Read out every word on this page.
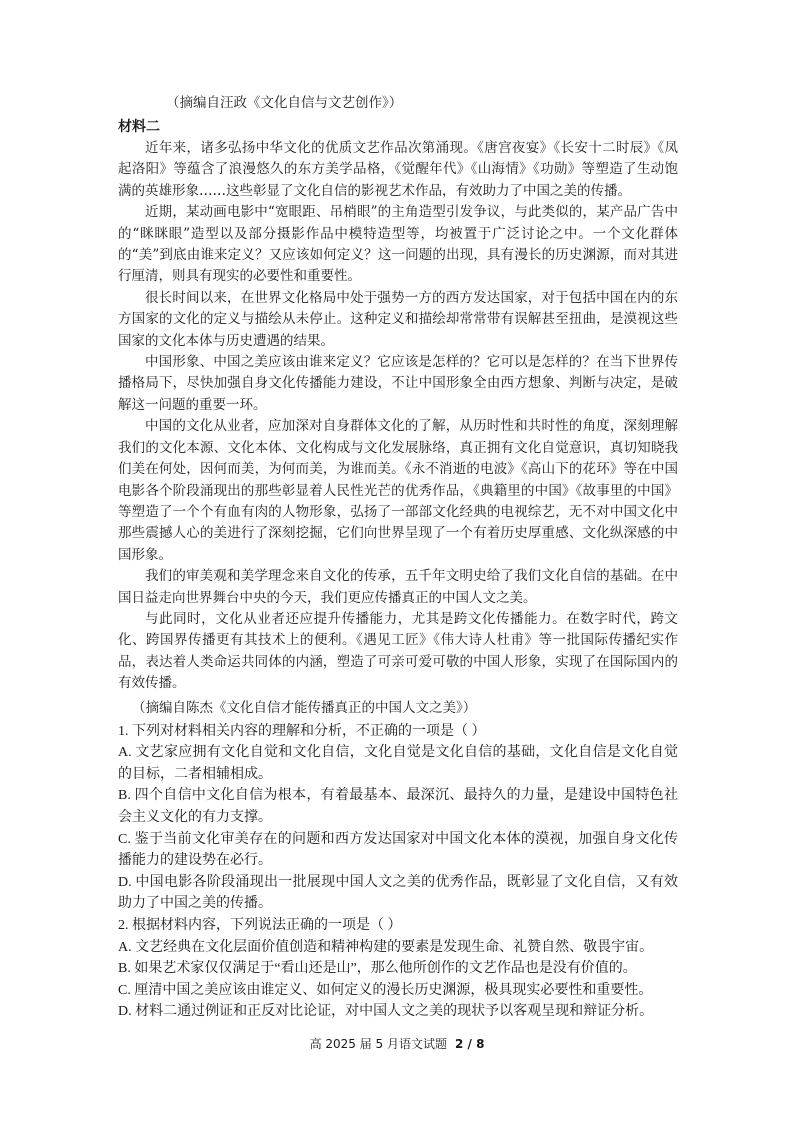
（摘编自汪政《文化自信与文艺创作》）

材料二

近年来，诸多弘扬中华文化的优质文艺作品次第涌现。《唐宫夜宴》《长安十二时辰》《凤起洛阳》等蕴含了浪漫悠久的东方美学品格，《觉醒年代》《山海情》《功勋》等塑造了生动饱满的英雄形象……这些彰显了文化自信的影视艺术作品，有效助力了中国之美的传播。

近期，某动画电影中“宽眼距、吊梢眼”的主角造型引发争议，与此类似的，某产品广告中的“眯眯眼”造型以及部分摄影作品中模特造型等，均被置于广泛讨论之中。一个文化群体的“美”到底由谁来定义？又应该如何定义？这一问题的出现，具有漫长的历史渊源，而对其进行厘清，则具有现实的必要性和重要性。

很长时间以来，在世界文化格局中处于强势一方的西方发达国家，对于包括中国在内的东方国家的文化的定义与描绘从未停止。这种定义和描绘却常常带有误解甚至扭曲，是漠视这些国家的文化本体与历史遭遇的结果。

中国形象、中国之美应该由谁来定义？它应该是怎样的？它可以是怎样的？在当下世界传播格局下，尽快加强自身文化传播能力建设，不让中国形象全由西方想象、判断与决定，是破解这一问题的重要一环。

中国的文化从业者，应加深对自身群体文化的了解，从历时性和共时性的角度，深刻理解我们的文化本源、文化本体、文化构成与文化发展脉络，真正拥有文化自觉意识，真切知晓我们美在何处，因何而美，为何而美，为谁而美。《永不消逝的电波》《高山下的花环》等在中国电影各个阶段涌现出的那些彰显着人民性光芒的优秀作品，《典籍里的中国》《故事里的中国》等塑造了一个个有血有肉的人物形象，弘扬了一部部文化经典的电视综艺，无不对中国文化中那些震撼人心的美进行了深刻挖掘，它们向世界呈现了一个有着历史厚重感、文化纵深感的中国形象。

我们的审美观和美学理念来自文化的传承，五千年文明史给了我们文化自信的基础。在中国日益走向世界舞台中央的今天，我们更应传播真正的中国人文之美。

与此同时，文化从业者还应提升传播能力，尤其是跨文化传播能力。在数字时代，跨文化、跨国界传播更有其技术上的便利。《遇见工匠》《伟大诗人杜甫》等一批国际传播纪实作品，表达着人类命运共同体的内涵，塑造了可亲可爱可敬的中国人形象，实现了在国际国内的有效传播。

（摘编自陈杰《文化自信才能传播真正的中国人文之美》）

1. 下列对材料相关内容的理解和分析，不正确的一项是（ ）

A. 文艺家应拥有文化自觉和文化自信，文化自觉是文化自信的基础，文化自信是文化自觉的目标，二者相辅相成。

B. 四个自信中文化自信为根本，有着最基本、最深沉、最持久的力量，是建设中国特色社会主义文化的有力支撑。

C. 鉴于当前文化审美存在的问题和西方发达国家对中国文化本体的漠视，加强自身文化传播能力的建设势在必行。

D. 中国电影各阶段涌现出一批展现中国人文之美的优秀作品，既彰显了文化自信，又有效助力了中国之美的传播。

2. 根据材料内容，下列说法正确的一项是（ ）

A. 文艺经典在文化层面价值创造和精神构建的要素是发现生命、礼赞自然、敬畏宇宙。

B. 如果艺术家仅仅满足于“看山还是山”，那么他所创作的文艺作品也是没有价值的。

C. 厘清中国之美应该由谁定义、如何定义的漫长历史渊源，极具现实必要性和重要性。

D. 材料二通过例证和正反对比论证，对中国人文之美的现状予以客观呈现和辩证分析。

高 2025 届 5 月语文试题 2 / 8
